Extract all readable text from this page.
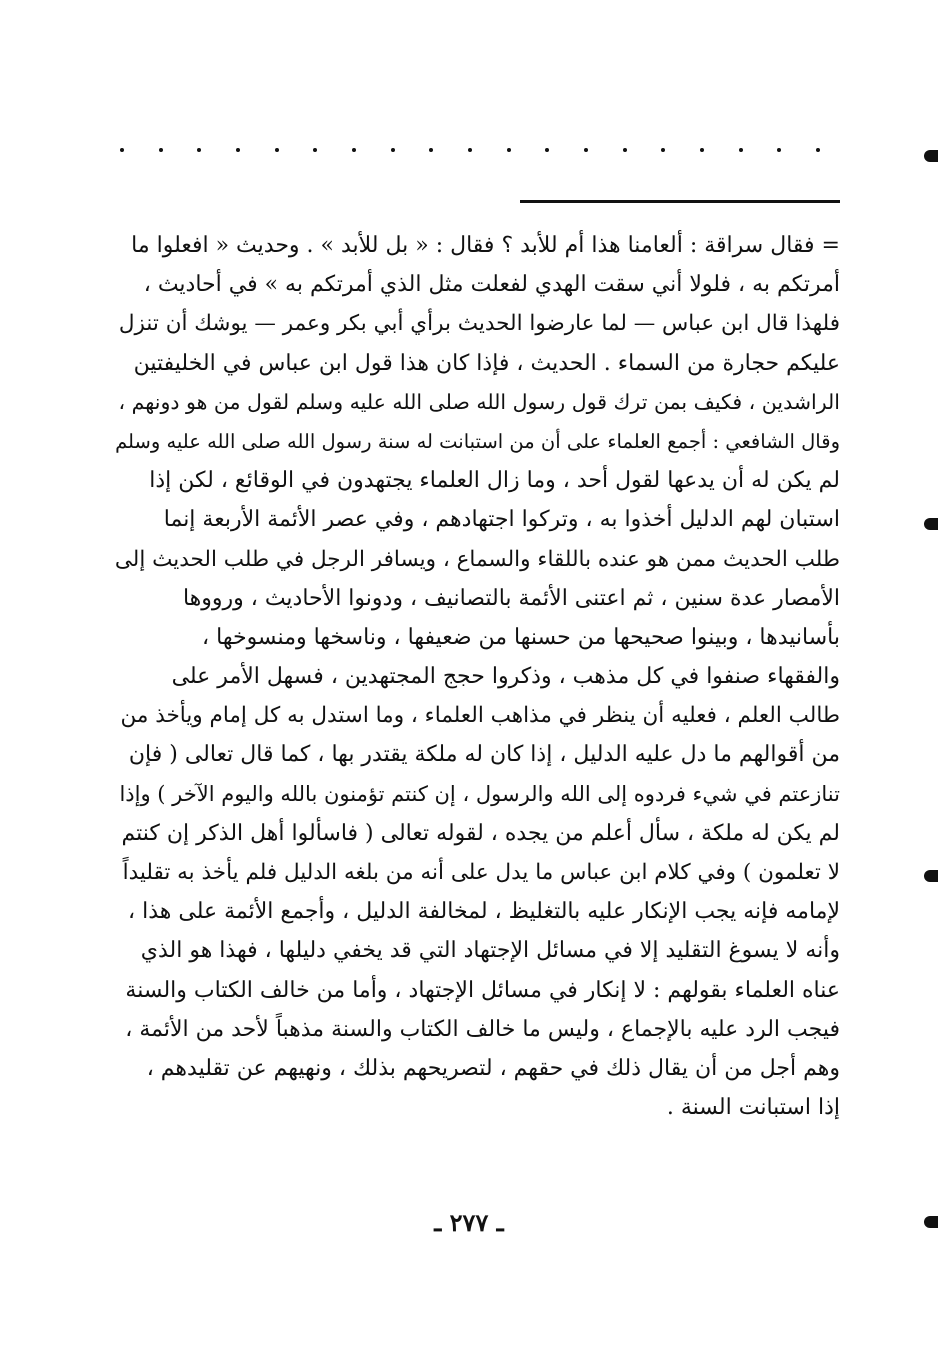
= فقال سراقة : ألعامنا هذا أم للأبد ؟ فقال : « بل للأبد » . وحديث « افعلوا ما
أمرتكم به ، فلولا أني سقت الهدي لفعلت مثل الذي أمرتكم به » في أحاديث ،
فلهذا قال ابن عباس — لما عارضوا الحديث برأي أبي بكر وعمر — يوشك أن تنزل
عليكم حجارة من السماء . الحديث ، فإذا كان هذا قول ابن عباس في الخليفتين
الراشدين ، فكيف بمن ترك قول رسول الله صلى الله عليه وسلم لقول من هو دونهم ،
وقال الشافعي : أجمع العلماء على أن من استبانت له سنة رسول الله صلى الله عليه وسلم
لم يكن له أن يدعها لقول أحد ، وما زال العلماء يجتهدون في الوقائع ، لكن إذا
استبان لهم الدليل أخذوا به ، وتركوا اجتهادهم ، وفي عصر الأئمة الأربعة إنما
طلب الحديث ممن هو عنده باللقاء والسماع ، ويسافر الرجل في طلب الحديث إلى
الأمصار عدة سنين ، ثم اعتنى الأئمة بالتصانيف ، ودونوا الأحاديث ، ورووها
بأسانيدها ، وبينوا صحيحها من حسنها من ضعيفها ، وناسخها ومنسوخها ،
والفقهاء صنفوا في كل مذهب ، وذكروا حجج المجتهدين ، فسهل الأمر على
طالب العلم ، فعليه أن ينظر في مذاهب العلماء ، وما استدل به كل إمام ويأخذ من
من أقوالهم ما دل عليه الدليل ، إذا كان له ملكة يقتدر بها ، كما قال تعالى ( فإن
تنازعتم في شيء فردوه إلى الله والرسول ، إن كنتم تؤمنون بالله واليوم الآخر ) وإذا
لم يكن له ملكة ، سأل أعلم من يجده ، لقوله تعالى ( فاسألوا أهل الذكر إن كنتم
لا تعلمون ) وفي كلام ابن عباس ما يدل على أنه من بلغه الدليل فلم يأخذ به تقليداً
لإمامه فإنه يجب الإنكار عليه بالتغليظ ، لمخالفة الدليل ، وأجمع الأئمة على هذا ،
وأنه لا يسوغ التقليد إلا في مسائل الإجتهاد التي قد يخفي دليلها ، فهذا هو الذي
عناه العلماء بقولهم : لا إنكار في مسائل الإجتهاد ، وأما من خالف الكتاب والسنة
فيجب الرد عليه بالإجماع ، وليس ما خالف الكتاب والسنة مذهباً لأحد من الأئمة ،
وهم أجل من أن يقال ذلك في حقهم ، لتصريحهم بذلك ، ونهيهم عن تقليدهم ،
إذا استبانت السنة .
ـ ٢٧٧ ـ
